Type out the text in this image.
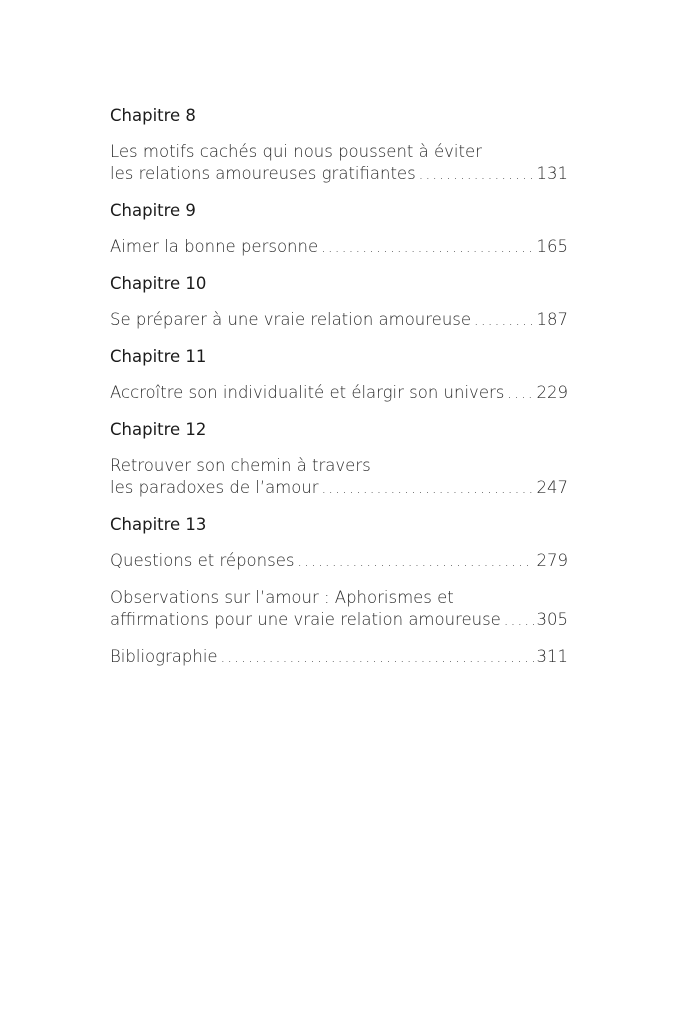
Chapitre 8
Les motifs cachés qui nous poussent à éviter
les relations amoureuses gratifiantes . . .	131
Chapitre 9
Aimer la bonne personne . . .	165
Chapitre 10
Se préparer à une vraie relation amoureuse . . .	187
Chapitre 11
Accroître son individualité et élargir son univers . . . 229
Chapitre 12
Retrouver son chemin à travers
les paradoxes de l’amour . . .	247
Chapitre 13
Questions et réponses . . .	279
Observations sur l’amour : Aphorismes et
affirmations pour une vraie relation amoureuse . . . 305
Bibliographie . . .	311
